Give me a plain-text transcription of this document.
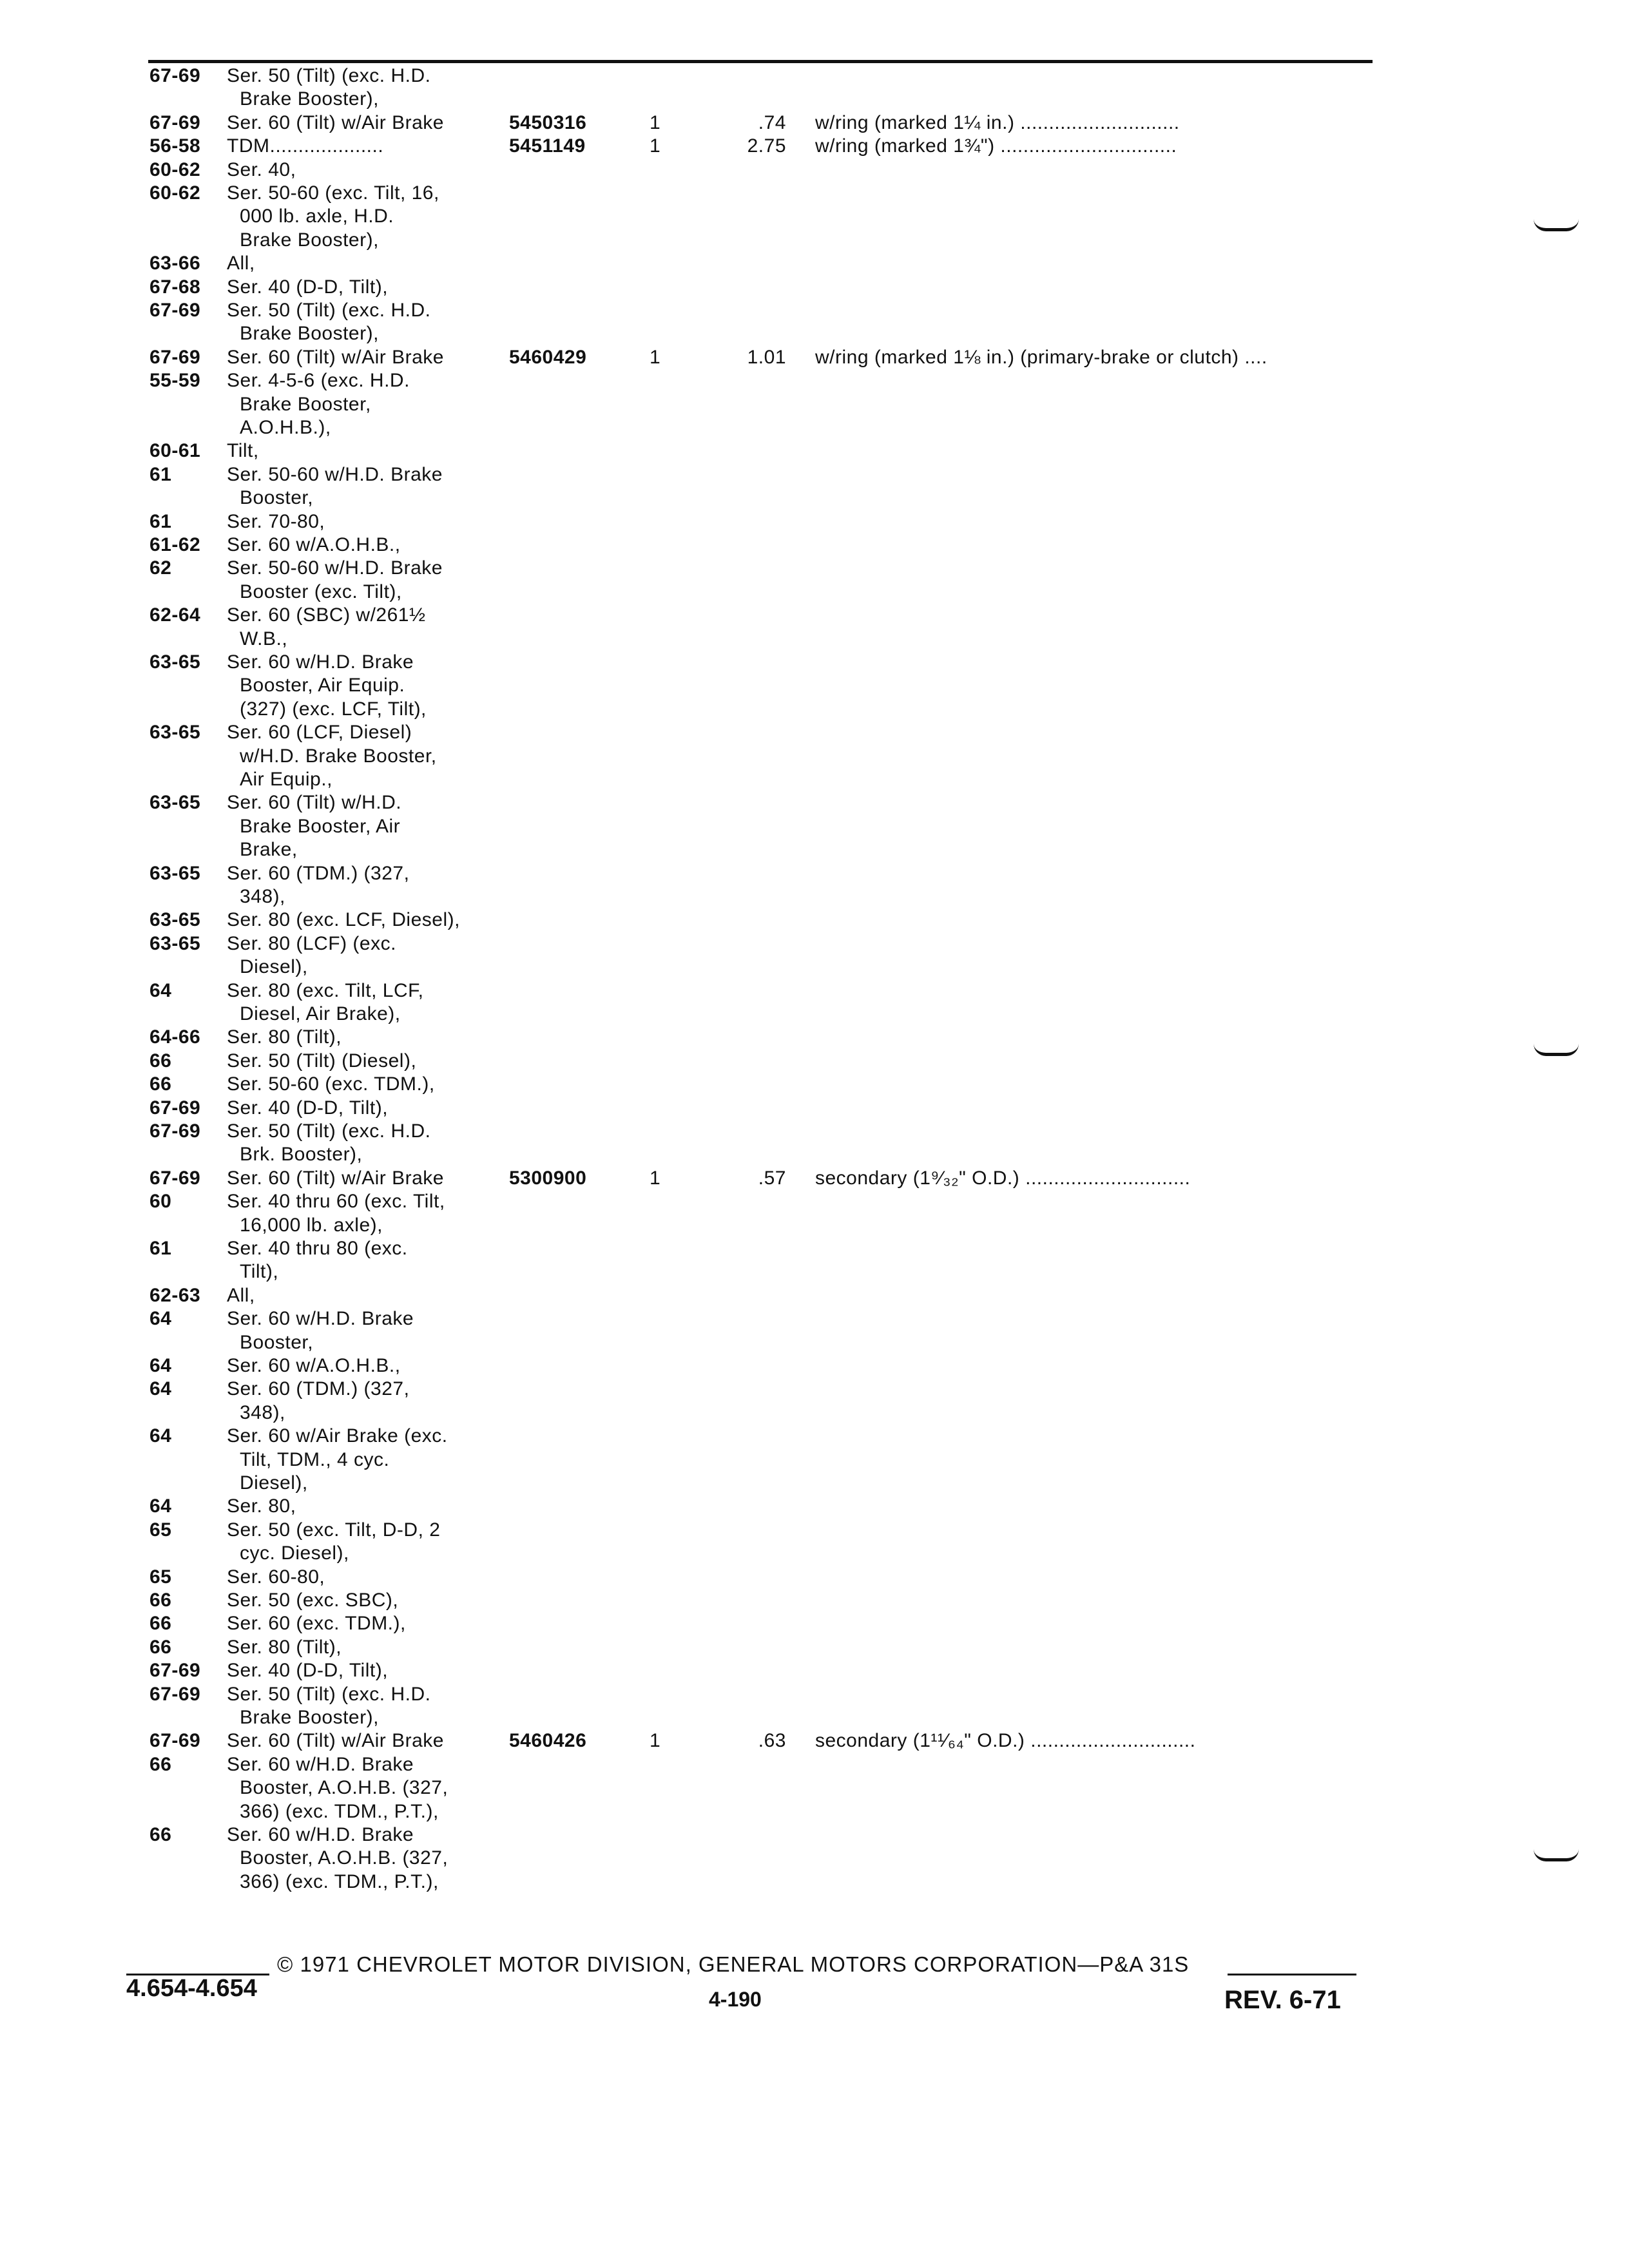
67-69 Ser. 50 (Tilt) (exc. H.D.
Brake Booster),
67-69 Ser. 60 (Tilt) w/Air Brake	5450316	1	.74 w/ring (marked 1¼ in.) ............................
56-58 TDM....................	5451149	1	2.75 w/ring (marked 1¾") ...............................
60-62 Ser. 40,
60-62 Ser. 50-60 (exc. Tilt, 16,
000 lb. axle, H.D.
Brake Booster),
63-66 All,
67-68 Ser. 40 (D-D, Tilt),
67-69 Ser. 50 (Tilt) (exc. H.D.
Brake Booster),
67-69 Ser. 60 (Tilt) w/Air Brake	5460429	1	1.01 w/ring (marked 1⅛ in.) (primary-brake or clutch) ....
55-59 Ser. 4-5-6 (exc. H.D.
Brake Booster,
A.O.H.B.),
60-61 Tilt,
61	Ser. 50-60 w/H.D. Brake
Booster,
61	Ser. 70-80,
61-62 Ser. 60 w/A.O.H.B.,
62	Ser. 50-60 w/H.D. Brake
Booster (exc. Tilt),
62-64 Ser. 60 (SBC) w/261½
W.B.,
63-65 Ser. 60 w/H.D. Brake
Booster, Air Equip.
(327) (exc. LCF, Tilt),
63-65 Ser. 60 (LCF, Diesel)
w/H.D. Brake Booster,
Air Equip.,
63-65 Ser. 60 (Tilt) w/H.D.
Brake Booster, Air
Brake,
63-65 Ser. 60 (TDM.) (327,
348),
63-65 Ser. 80 (exc. LCF, Diesel),
63-65 Ser. 80 (LCF) (exc.
Diesel),
64	Ser. 80 (exc. Tilt, LCF,
Diesel, Air Brake),
64-66 Ser. 80 (Tilt),
66	Ser. 50 (Tilt) (Diesel),
66	Ser. 50-60 (exc. TDM.),
67-69 Ser. 40 (D-D, Tilt),
67-69 Ser. 50 (Tilt) (exc. H.D.
Brk. Booster),
67-69 Ser. 60 (Tilt) w/Air Brake	5300900	1	.57 secondary (1⁹⁄₃₂" O.D.) .............................
60	Ser. 40 thru 60 (exc. Tilt,
16,000 lb. axle),
61	Ser. 40 thru 80 (exc.
Tilt),
62-63 All,
64	Ser. 60 w/H.D. Brake
Booster,
64	Ser. 60 w/A.O.H.B.,
64	Ser. 60 (TDM.) (327,
348),
64	Ser. 60 w/Air Brake (exc.
Tilt, TDM., 4 cyc.
Diesel),
64	Ser. 80,
65	Ser. 50 (exc. Tilt, D-D, 2
cyc. Diesel),
65	Ser. 60-80,
66	Ser. 50 (exc. SBC),
66	Ser. 60 (exc. TDM.),
66	Ser. 80 (Tilt),
67-69 Ser. 40 (D-D, Tilt),
67-69 Ser. 50 (Tilt) (exc. H.D.
Brake Booster),
67-69 Ser. 60 (Tilt) w/Air Brake	5460426	1	.63 secondary (1¹¹⁄₆₄" O.D.) .............................
66	Ser. 60 w/H.D. Brake
Booster, A.O.H.B. (327,
366) (exc. TDM., P.T.),
66	Ser. 60 w/H.D. Brake
Booster, A.O.H.B. (327,
366) (exc. TDM., P.T.),
© 1971 CHEVROLET MOTOR DIVISION, GENERAL MOTORS CORPORATION—P&A 31S
4.654-4.654	4-190	REV. 6-71
